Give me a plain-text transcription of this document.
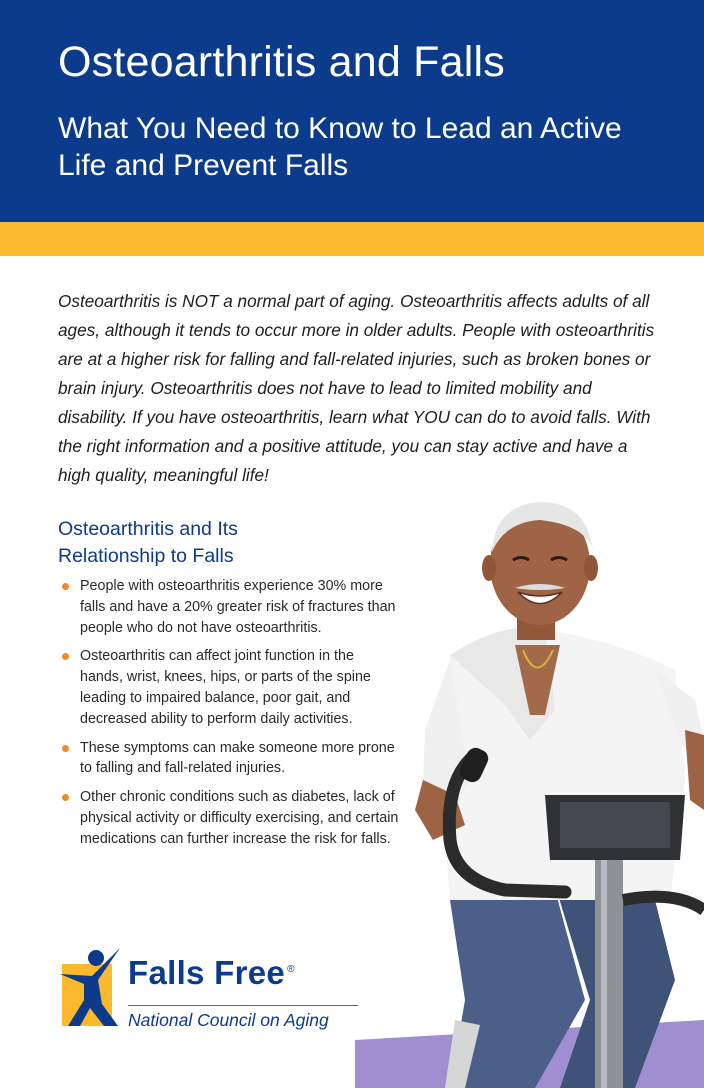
Osteoarthritis and Falls
What You Need to Know to Lead an Active Life and Prevent Falls

Osteoarthritis is NOT a normal part of aging. Osteoarthritis affects adults of all ages, although it tends to occur more in older adults. People with osteoarthritis are at a higher risk for falling and fall-related injuries, such as broken bones or brain injury. Osteoarthritis does not have to lead to limited mobility and disability. If you have osteoarthritis, learn what YOU can do to avoid falls. With the right information and a positive attitude, you can stay active and have a high quality, meaningful life!

Osteoarthritis and Its Relationship to Falls
People with osteoarthritis experience 30% more falls and have a 20% greater risk of fractures than people who do not have osteoarthritis.
Osteoarthritis can affect joint function in the hands, wrist, knees, hips, or parts of the spine leading to impaired balance, poor gait, and decreased ability to perform daily activities.
These symptoms can make someone more prone to falling and fall-related injuries.
Other chronic conditions such as diabetes, lack of physical activity or difficulty exercising, and certain medications can further increase the risk for falls.
Falls Free ®
National Council on Aging
